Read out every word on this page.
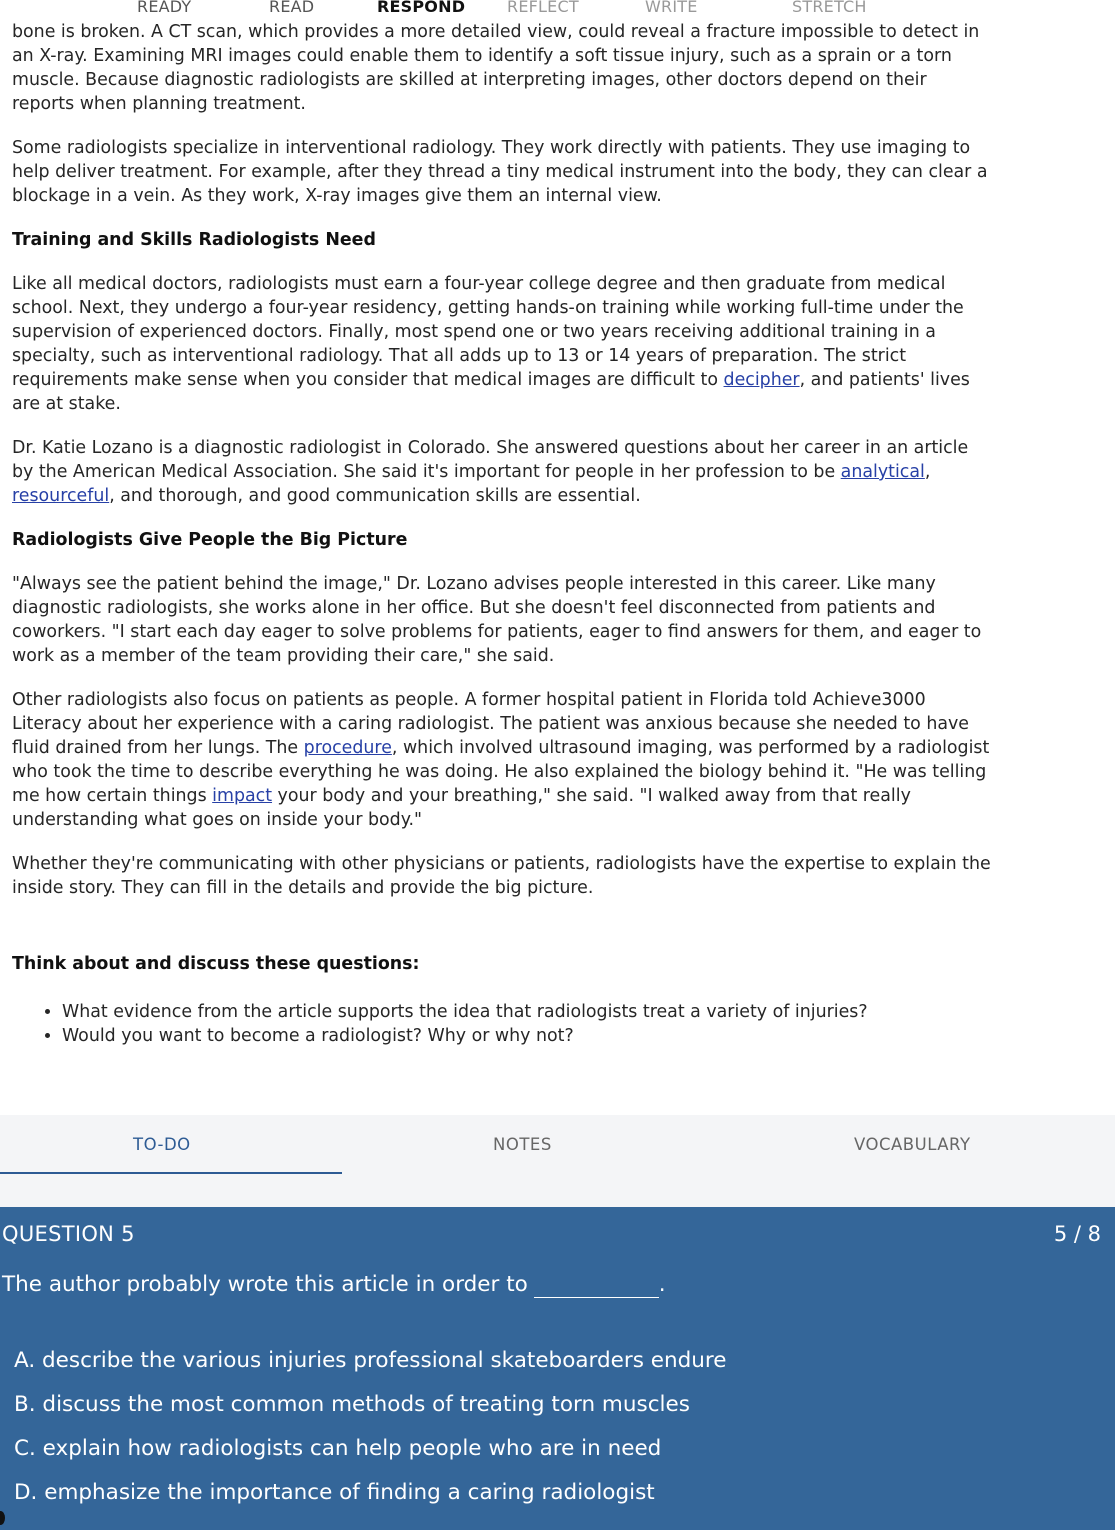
READY	READ	RESPOND	REFLECT	WRITE	STRETCH

bone is broken. A CT scan, which provides a more detailed view, could reveal a fracture impossible to detect in
an X-ray. Examining MRI images could enable them to identify a soft tissue injury, such as a sprain or a torn
muscle. Because diagnostic radiologists are skilled at interpreting images, other doctors depend on their
reports when planning treatment.

Some radiologists specialize in interventional radiology. They work directly with patients. They use imaging to
help deliver treatment. For example, after they thread a tiny medical instrument into the body, they can clear a
blockage in a vein. As they work, X-ray images give them an internal view.

Training and Skills Radiologists Need

Like all medical doctors, radiologists must earn a four-year college degree and then graduate from medical
school. Next, they undergo a four-year residency, getting hands-on training while working full-time under the
supervision of experienced doctors. Finally, most spend one or two years receiving additional training in a
specialty, such as interventional radiology. That all adds up to 13 or 14 years of preparation. The strict
requirements make sense when you consider that medical images are difficult to decipher, and patients' lives
are at stake.

Dr. Katie Lozano is a diagnostic radiologist in Colorado. She answered questions about her career in an article
by the American Medical Association. She said it's important for people in her profession to be analytical,
resourceful, and thorough, and good communication skills are essential.

Radiologists Give People the Big Picture

"Always see the patient behind the image," Dr. Lozano advises people interested in this career. Like many
diagnostic radiologists, she works alone in her office. But she doesn't feel disconnected from patients and
coworkers. "I start each day eager to solve problems for patients, eager to find answers for them, and eager to
work as a member of the team providing their care," she said.

Other radiologists also focus on patients as people. A former hospital patient in Florida told Achieve3000
Literacy about her experience with a caring radiologist. The patient was anxious because she needed to have
fluid drained from her lungs. The procedure, which involved ultrasound imaging, was performed by a radiologist
who took the time to describe everything he was doing. He also explained the biology behind it. "He was telling
me how certain things impact your body and your breathing," she said. "I walked away from that really
understanding what goes on inside your body."

Whether they're communicating with other physicians or patients, radiologists have the expertise to explain the
inside story. They can fill in the details and provide the big picture.

Think about and discuss these questions:
• What evidence from the article supports the idea that radiologists treat a variety of injuries?
• Would you want to become a radiologist? Why or why not?
TO-DO	NOTES	VOCABULARY
QUESTION 5	5 / 8
The author probably wrote this article in order to	.
A. describe the various injuries professional skateboarders endure
B. discuss the most common methods of treating torn muscles
C. explain how radiologists can help people who are in need
D. emphasize the importance of finding a caring radiologist
